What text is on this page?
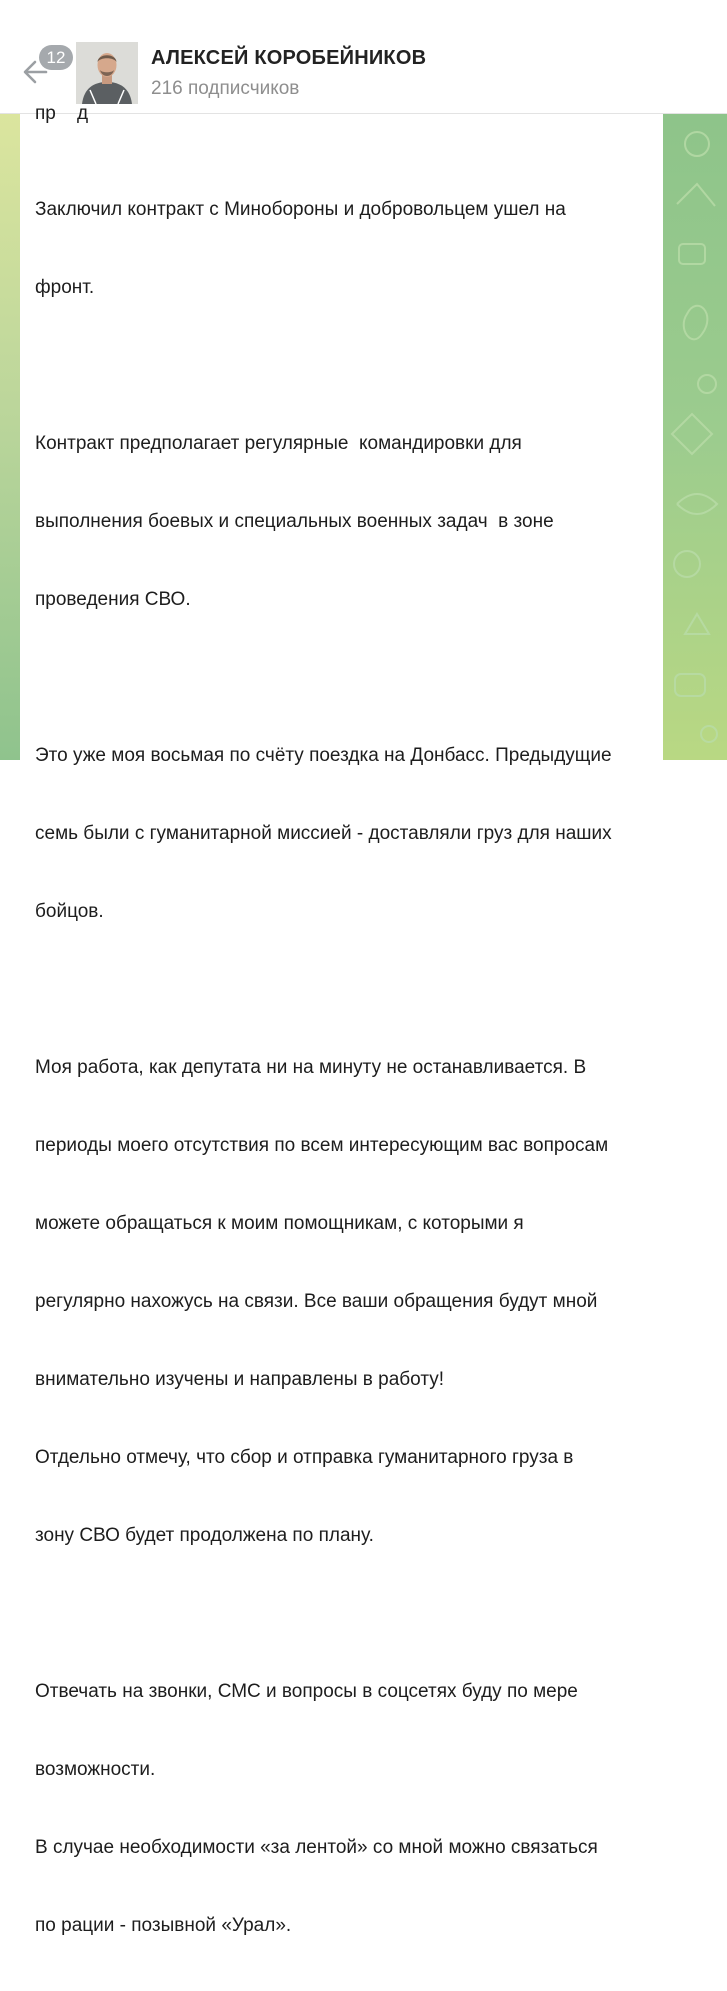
12	АЛЕКСЕЙ КОРОБЕЙНИКОВ
216 подписчиков
пр    д

Заключил контракт с Минобороны и добровольцем ушел на

фронт.

Контракт предполагает регулярные  командировки для

выполнения боевых и специальных военных задач  в зоне

проведения СВО.

Это уже моя восьмая по счёту поездка на Донбасс. Предыдущие

семь были с гуманитарной миссией - доставляли груз для наших

бойцов.

Моя работа, как депутата ни на минуту не останавливается. В

периоды моего отсутствия по всем интересующим вас вопросам

можете обращаться к моим помощникам, с которыми я

регулярно нахожусь на связи. Все ваши обращения будут мной

внимательно изучены и направлены в работу!

Отдельно отмечу, что сбор и отправка гуманитарного груза в

зону СВО будет продолжена по плану.

Отвечать на звонки, СМС и вопросы в соцсетях буду по мере

возможности.

В случае необходимости «за лентой» со мной можно связаться

по рации - позывной «Урал».
